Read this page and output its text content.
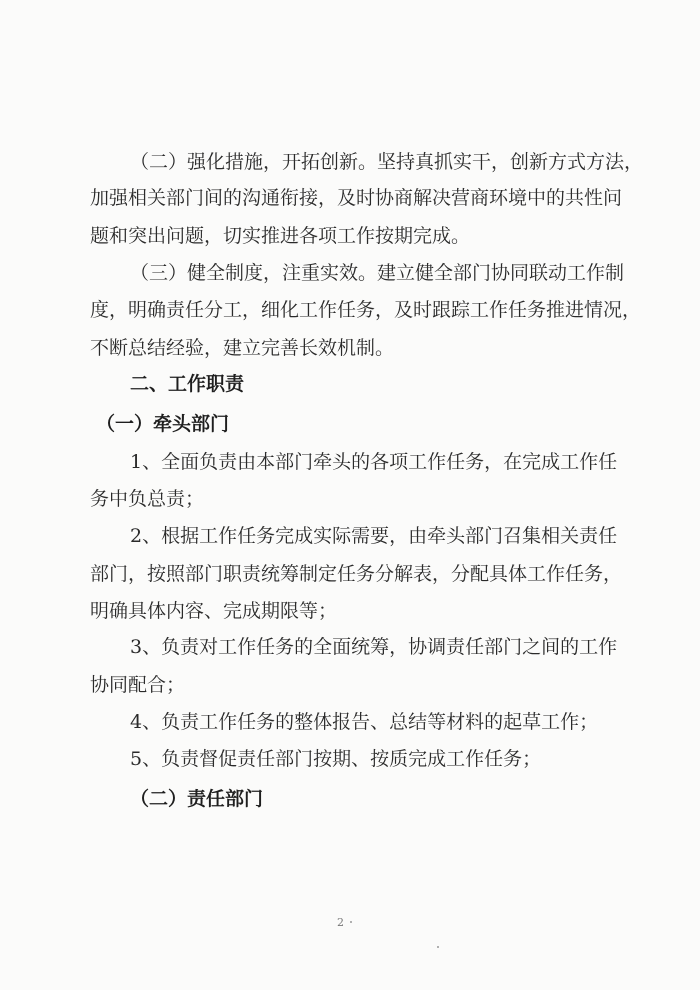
（二）强化措施，开拓创新。坚持真抓实干，创新方式方法，
加强相关部门间的沟通衔接，及时协商解决营商环境中的共性问
题和突出问题，切实推进各项工作按期完成。
（三）健全制度，注重实效。建立健全部门协同联动工作制
度，明确责任分工，细化工作任务，及时跟踪工作任务推进情况，
不断总结经验，建立完善长效机制。
二、工作职责
（一）牵头部门
1、全面负责由本部门牵头的各项工作任务，在完成工作任
务中负总责；
2、根据工作任务完成实际需要，由牵头部门召集相关责任
部门，按照部门职责统筹制定任务分解表，分配具体工作任务，
明确具体内容、完成期限等；
3、负责对工作任务的全面统筹，协调责任部门之间的工作
协同配合；
4、负责工作任务的整体报告、总结等材料的起草工作；
5、负责督促责任部门按期、按质完成工作任务；
（二）责任部门
2
